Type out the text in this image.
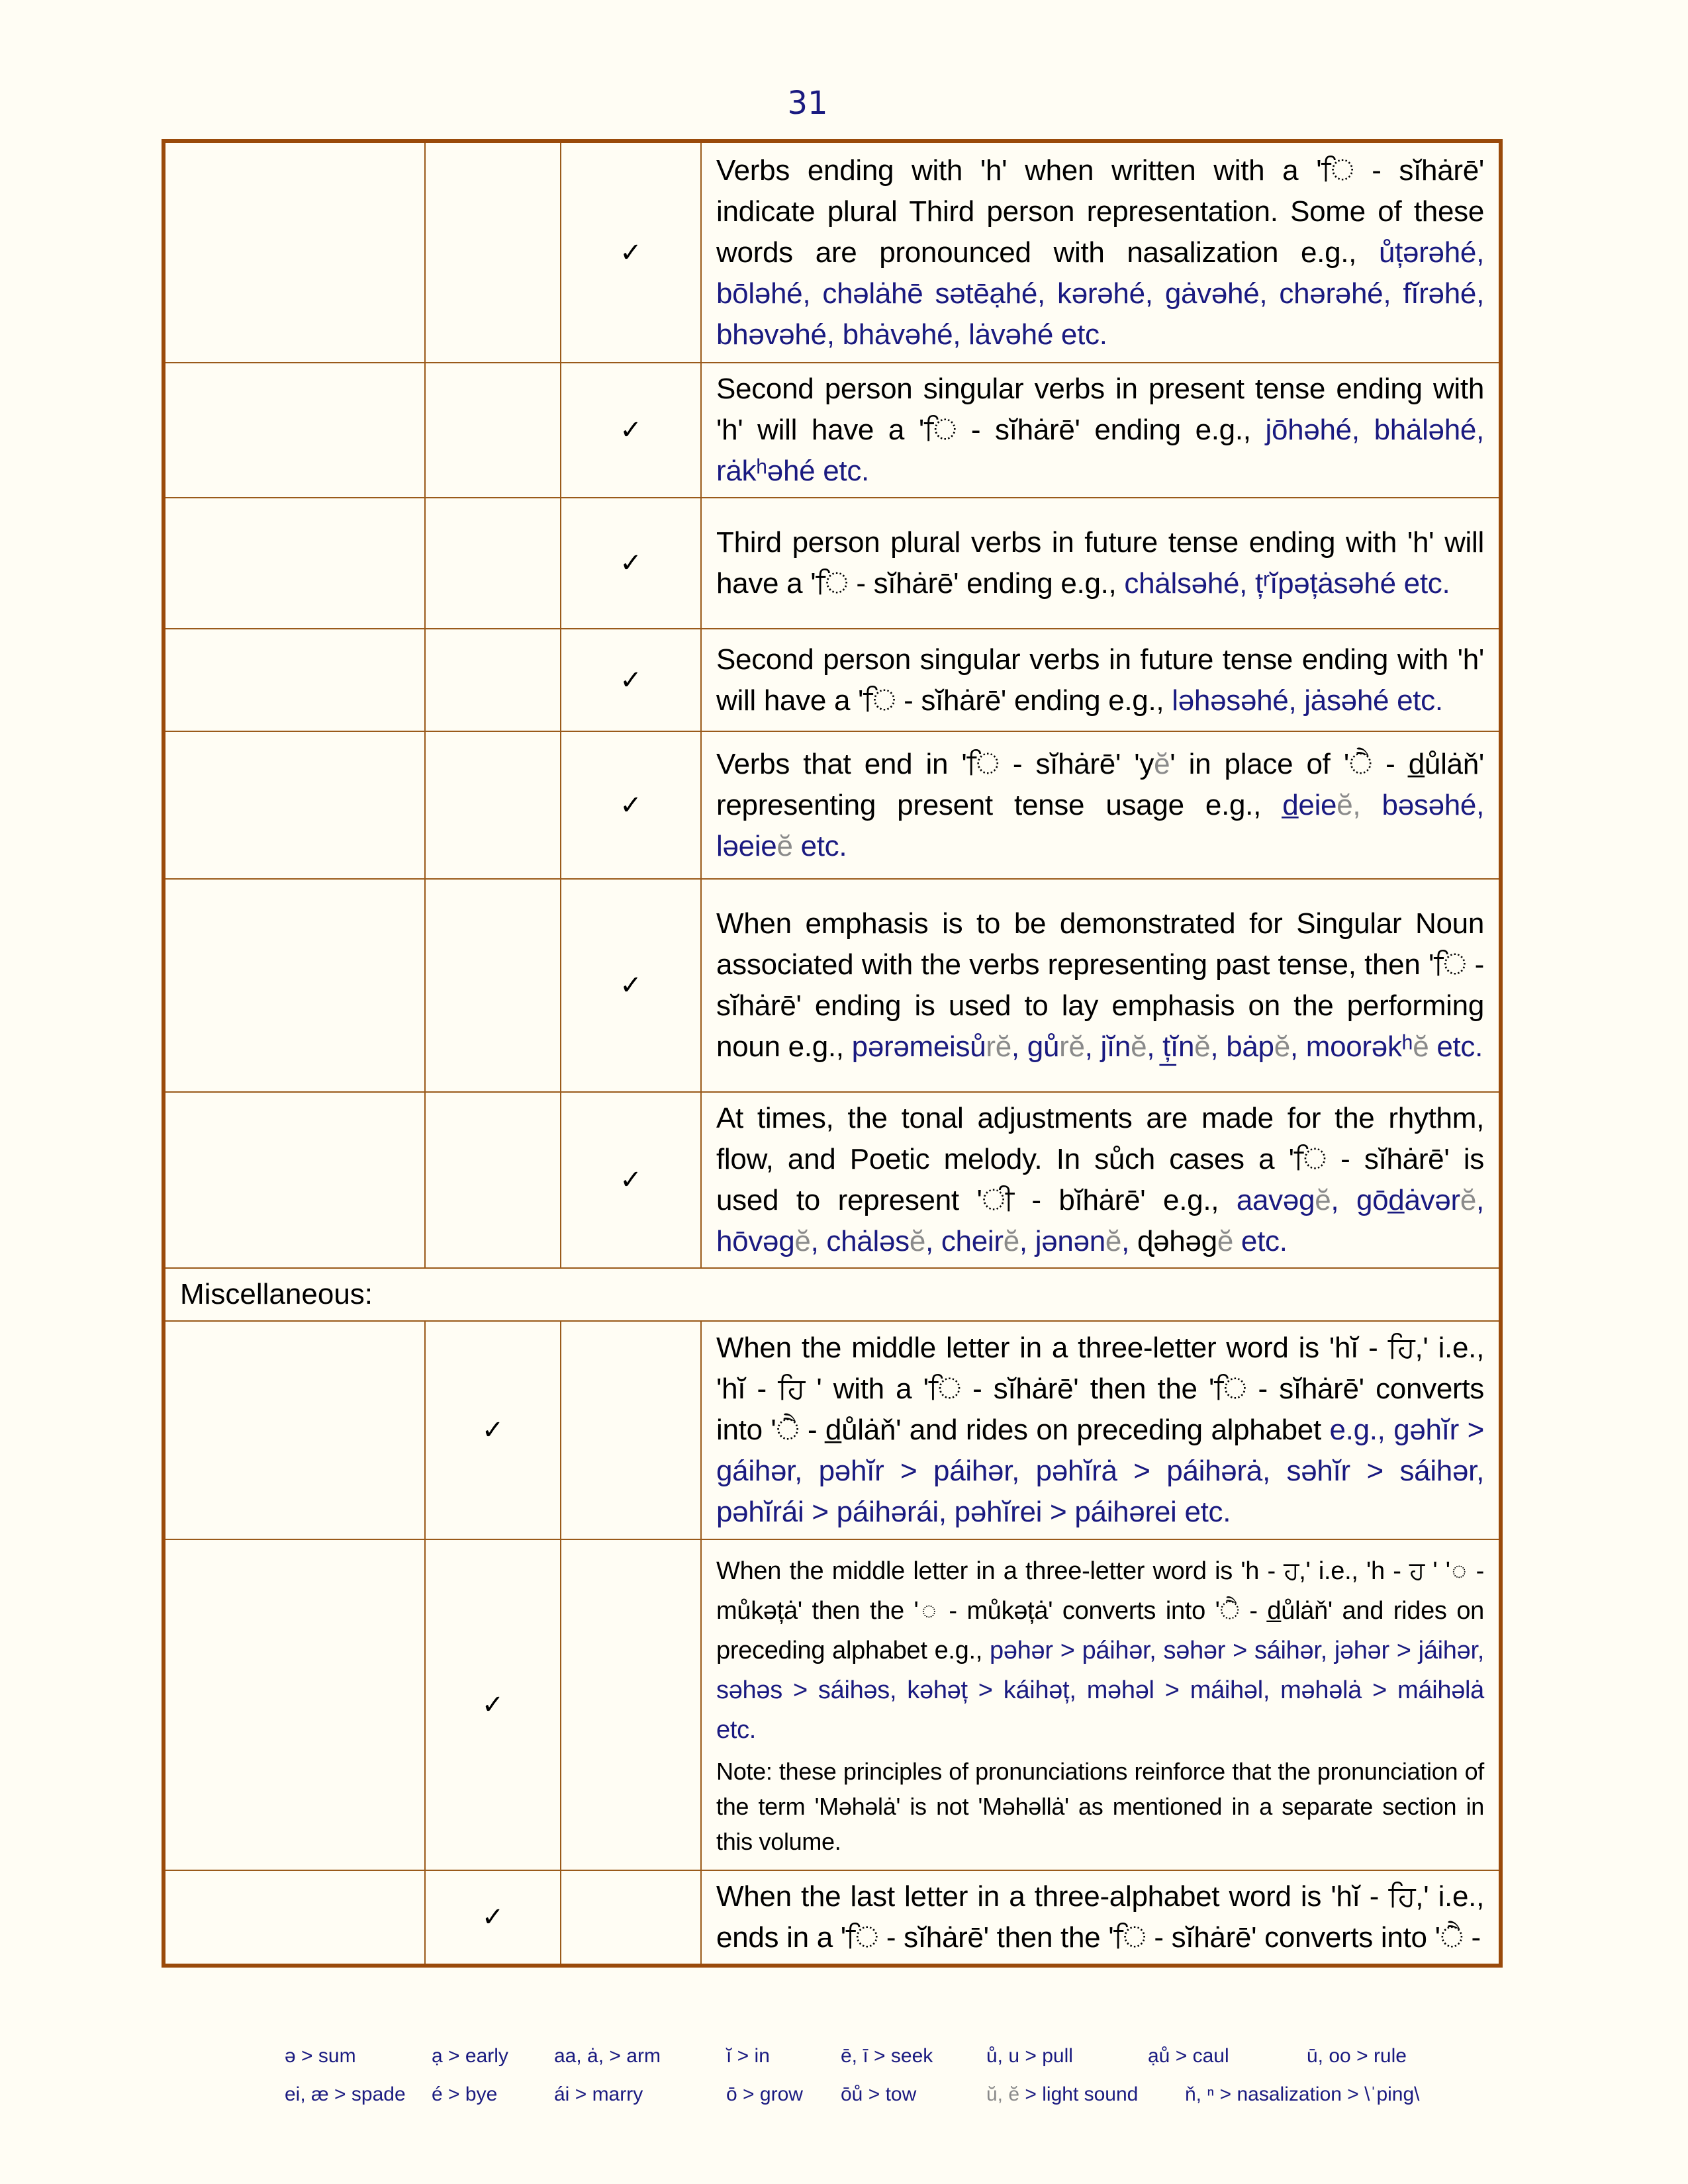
31
		✓	Verbs ending with 'h' when written with a 'ਿ - sĭhȧrē' indicate plural Third person representation. Some of these words are pronounced with nasalization e.g., ůțərəhé, bōləhé, chəlȧhē sətēạhé, kərəhé, gȧvəhé, chərəhé, fĭrəhé, bhəvəhé, bhȧvəhé, lȧvəhé etc.
		✓	Second person singular verbs in present tense ending with 'h' will have a 'ਿ - sĭhȧrē' ending e.g., jōhəhé, bhȧləhé, rȧkʰəhé etc.
		✓	Third person plural verbs in future tense ending with 'h' will have a 'ਿ - sĭhȧrē' ending e.g., chȧlsəhé, ț͏ʳĭpəțȧsəhé etc.
		✓	Second person singular verbs in future tense ending with 'h' will have a 'ਿ - sĭhȧrē' ending e.g., ləhəsəhé, jȧsəhé etc.
		✓	Verbs that end in 'ਿ - sĭhȧrē' 'yĕ' in place of 'ੈ - d̲ůlȧň' representing present tense usage e.g., d̲eieĕ, bəsəhé, ləeieĕ etc.
		✓	When emphasis is to be demonstrated for Singular Noun associated with the verbs representing past tense, then 'ਿ - sĭhȧrē' ending is used to lay emphasis on the performing noun e.g., pərəmeisůrĕ, gůrĕ, jĭnĕ, ț̲ĭnĕ, bȧpĕ, moorəkʰĕ etc.
		✓	At times, the tonal adjustments are made for the rhythm, flow, and Poetic melody. In sůch cases a 'ਿ - sĭhȧrē' is used to represent 'ੀ - bĭhȧrē' e.g., aavəgĕ, gōd̲ȧvərĕ, hōvəgĕ, chȧləsĕ, cheirĕ, jənənĕ, ɖəhəgĕ etc.
Miscellaneous:			
	✓		When the middle letter in a three-letter word is 'hĭ - ਹਿ,' i.e., 'hĭ - ਹਿ ' with a 'ਿ - sĭhȧrē' then the 'ਿ - sĭhȧrē' converts into 'ੈ - d̲ůlȧň' and rides on preceding alphabet e.g., gəhĭr > gáihər, pəhĭr > páihər, pəhĭrȧ > páihərȧ, səhĭr > sáihər, pəhĭrái > páihərái, pəhĭrei > páihərei etc.
	✓		When the middle letter in a three-letter word is 'h - ਹ,' i.e., 'h - ਹ ' '◌ - můkəțȧ' then the '◌ - můkəțȧ' converts into 'ੈ - d̲ůlȧň' and rides on preceding alphabet e.g., pəhər > páihər, səhər > sáihər, jəhər > jáihər, səhəs > sáihəs, kəhəț > káihəț, məhəl > máihəl, məhəlȧ > máihəlȧ etc.
Note: these principles of pronunciations reinforce that the pronunciation of the term 'Məhəlȧ' is not 'Məhəllȧ' as mentioned in a separate section in this volume.

	✓		When the last letter in a three-alphabet word is 'hĭ - ਹਿ,' i.e., ends in a 'ਿ - sĭhȧrē' then the 'ਿ - sĭhȧrē' converts into 'ੈ -
ə > sum	ạ > early	aa, ȧ, > arm	ĭ > in	ē, ī > seek	ů, u > pull	ạů > caul	ū, oo > rule
ei, æ > spade	é > bye	ái > marry	ō > grow	ōů > tow	ŭ, ĕ > light sound	ň, ⁿ > nasalization > \ˈping\
